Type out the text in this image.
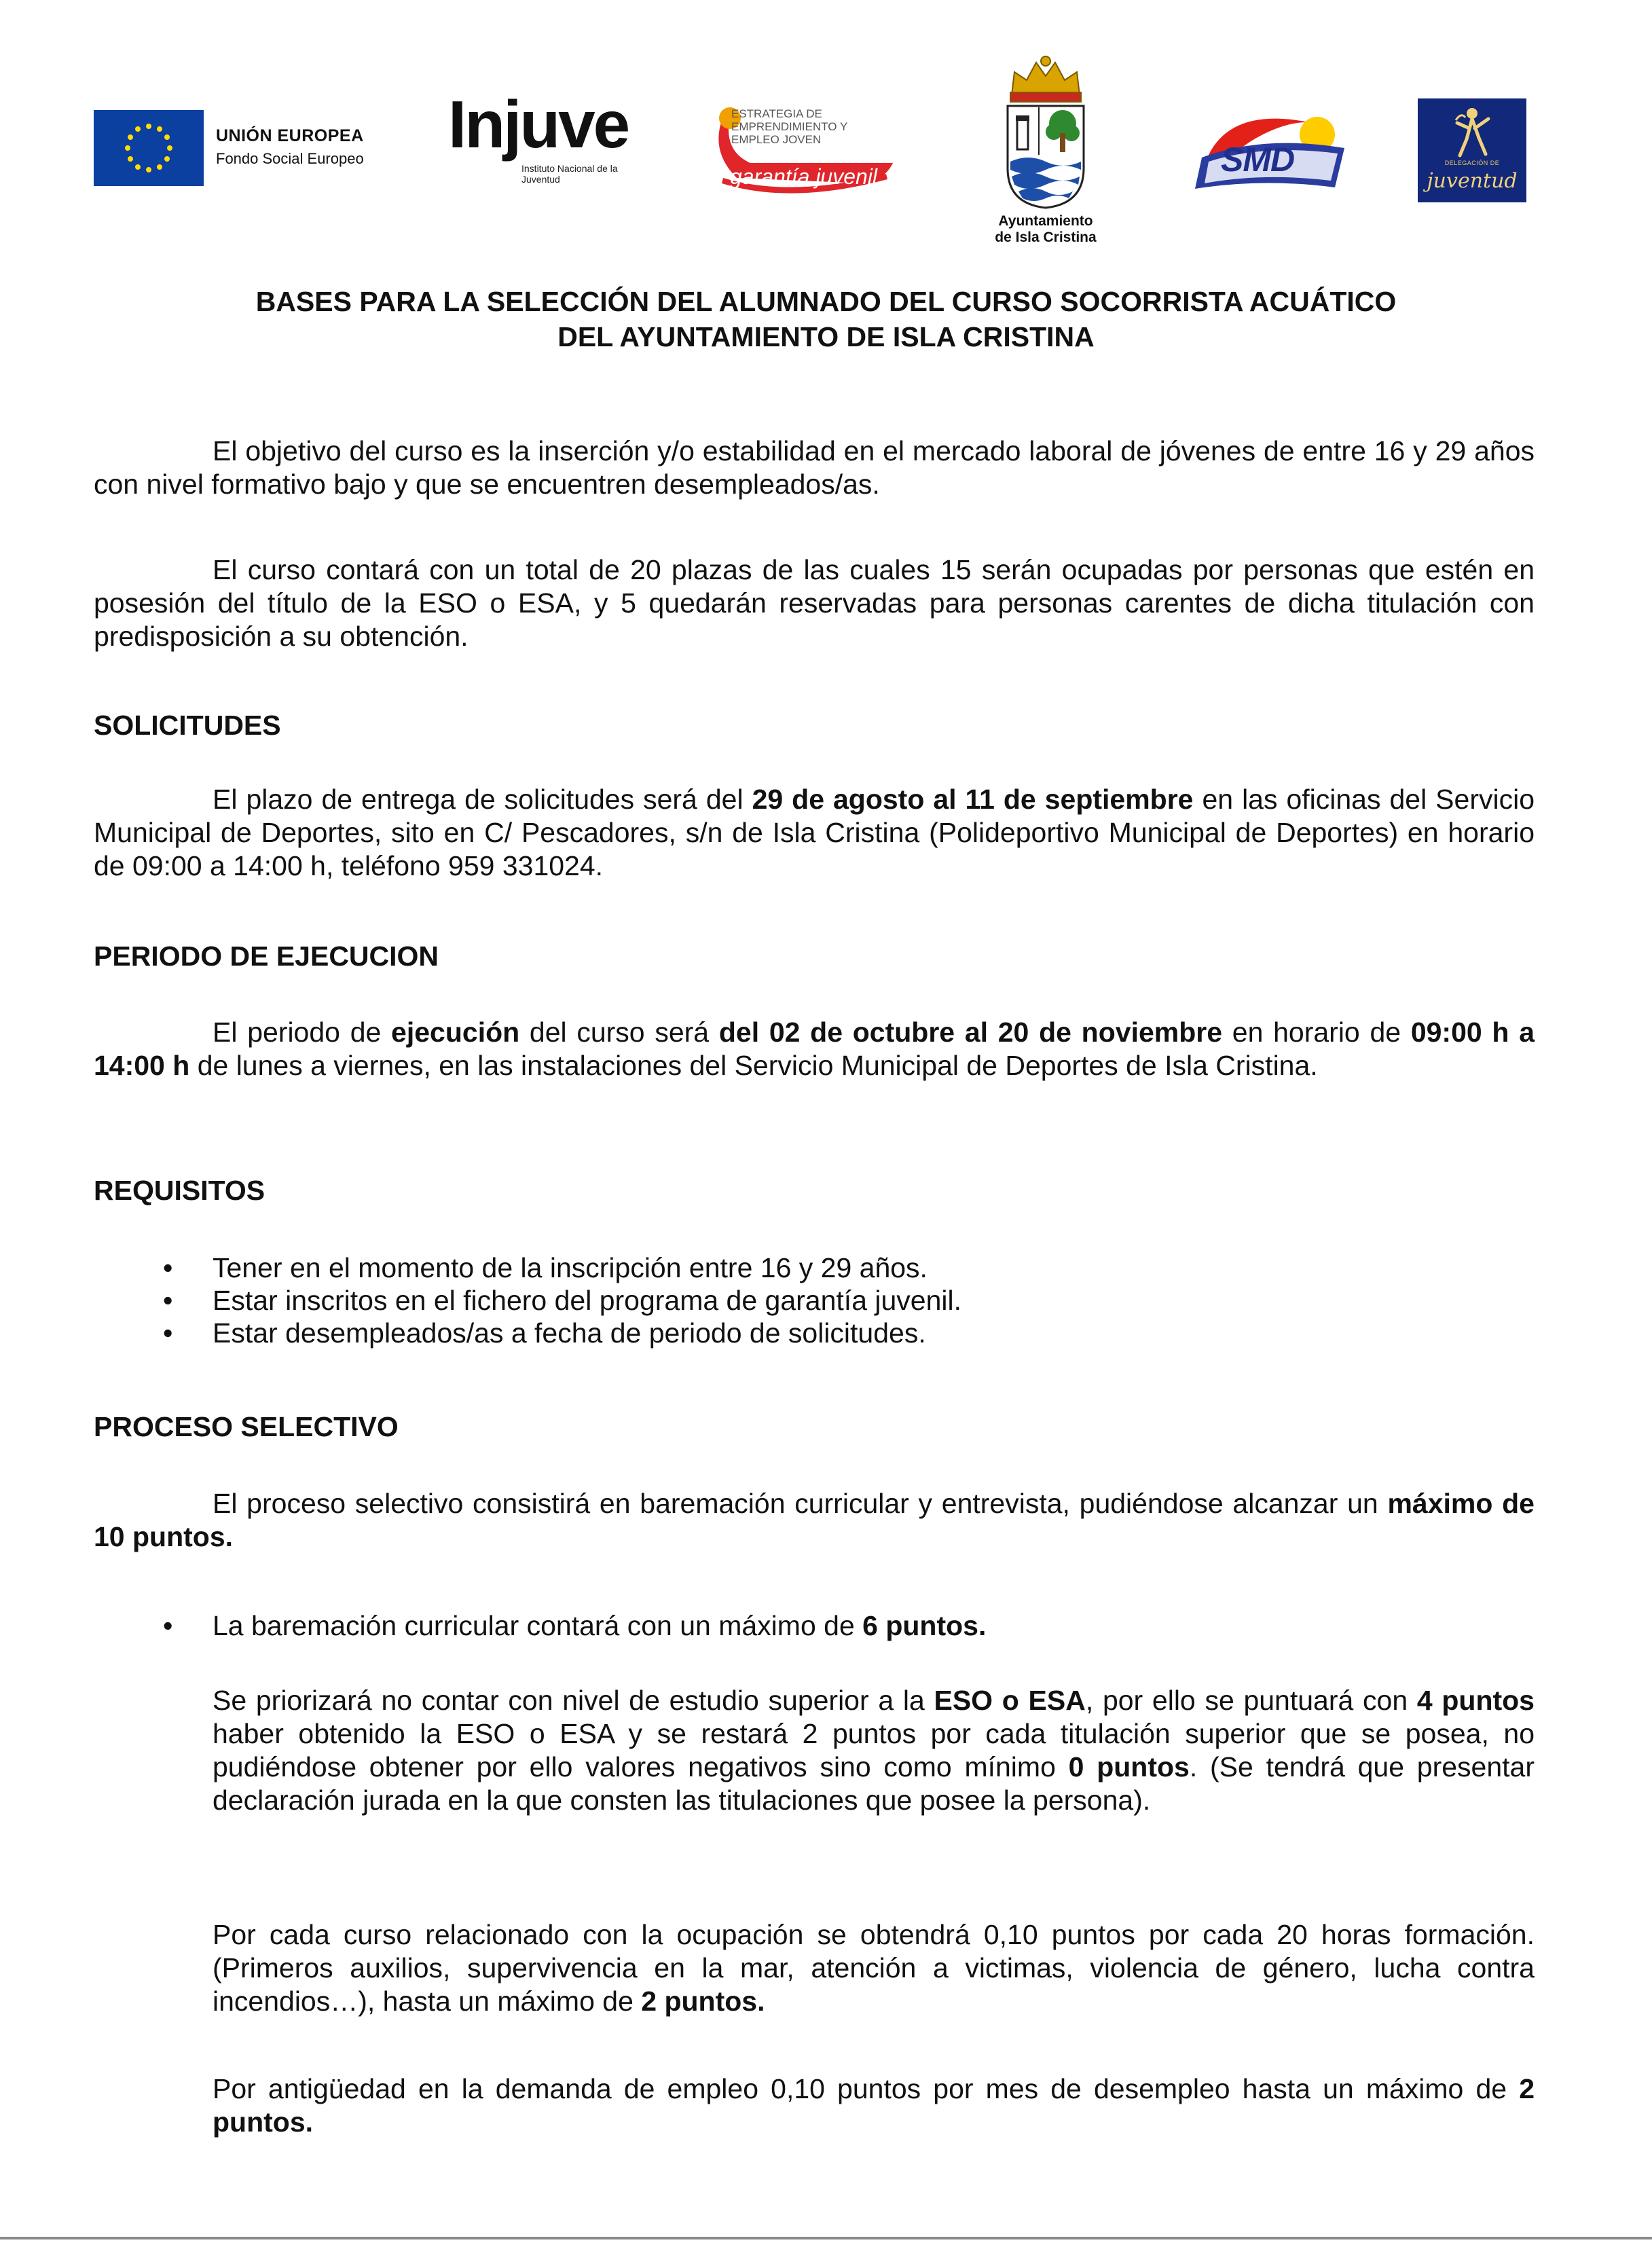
UNIÓN EUROPEA
Fondo Social Europeo Injuve
Instituto Nacional de la Juventud
ESTRATEGIA DE EMPRENDIMIENTO Y EMPLEO JOVEN
garantía juvenil
Ayuntamiento
de Isla Cristina
SMD	DELEGACIÓN DE
juventud
BASES PARA LA SELECCIÓN DEL ALUMNADO DEL CURSO SOCORRISTA ACUÁTICO
DEL AYUNTAMIENTO DE ISLA CRISTINA

El objetivo del curso es la inserción y/o estabilidad en el mercado laboral de jóvenes de entre 16 y 29 años con nivel formativo bajo y que se encuentren desempleados/as.

El curso contará con un total de 20 plazas de las cuales 15 serán ocupadas por personas que estén en posesión del título de la ESO o ESA, y 5 quedarán reservadas para personas carentes de dicha titulación con predisposición a su obtención.

SOLICITUDES

El plazo de entrega de solicitudes será del 29 de agosto al 11 de septiembre en las oficinas del Servicio Municipal de Deportes, sito en C/ Pescadores, s/n de Isla Cristina (Polideportivo Municipal de Deportes) en horario de 09:00 a 14:00 h, teléfono 959 331024.

PERIODO DE EJECUCION

El periodo de ejecución del curso será del 02 de octubre al 20 de noviembre en horario de 09:00 h a 14:00 h de lunes a viernes, en las instalaciones del Servicio Municipal de Deportes de Isla Cristina.

REQUISITOS

• Tener en el momento de la inscripción entre 16 y 29 años.
• Estar inscritos en el fichero del programa de garantía juvenil.
• Estar desempleados/as a fecha de periodo de solicitudes.

PROCESO SELECTIVO

El proceso selectivo consistirá en baremación curricular y entrevista, pudiéndose alcanzar un máximo de 10 puntos.

• La baremación curricular contará con un máximo de 6 puntos.

Se priorizará no contar con nivel de estudio superior a la ESO o ESA, por ello se puntuará con 4 puntos haber obtenido la ESO o ESA y se restará 2 puntos por cada titulación superior que se posea, no pudiéndose obtener por ello valores negativos sino como mínimo 0 puntos. (Se tendrá que presentar declaración jurada en la que consten las titulaciones que posee la persona).

Por cada curso relacionado con la ocupación se obtendrá 0,10 puntos por cada 20 horas formación. (Primeros auxilios, supervivencia en la mar, atención a victimas, violencia de género, lucha contra incendios…), hasta un máximo de 2 puntos.

Por antigüedad en la demanda de empleo 0,10 puntos por mes de desempleo hasta un máximo de 2 puntos.
